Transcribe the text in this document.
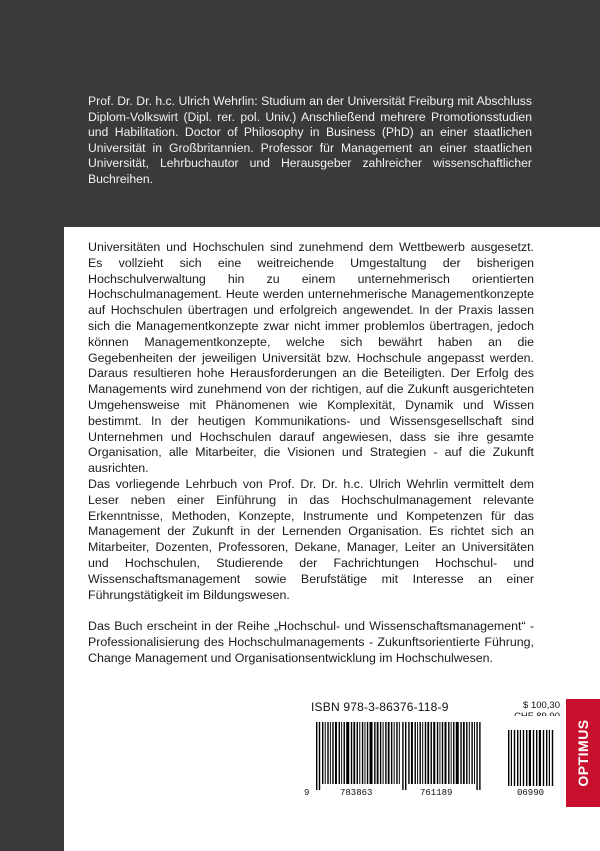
Prof. Dr. Dr. h.c. Ulrich Wehrlin: Studium an der Universität Freiburg mit Abschluss Diplom-Volkswirt (Dipl. rer. pol. Univ.) Anschließend mehrere Promotionsstudien und Habilitation. Doctor of Philosophy in Business (PhD) an einer staatlichen Universität in Großbritannien. Professor für Management an einer staatlichen Universität, Lehrbuchautor und Herausgeber zahlreicher wissenschaftlicher Buchreihen.

Universitäten und Hochschulen sind zunehmend dem Wettbewerb ausgesetzt. Es vollzieht sich eine weitreichende Umgestaltung der bisherigen Hochschulverwaltung hin zu einem unternehmerisch orientierten Hochschulmanagement. Heute werden unternehmerische Managementkonzepte auf Hochschulen übertragen und erfolgreich angewendet. In der Praxis lassen sich die Managementkonzepte zwar nicht immer problemlos übertragen, jedoch können Managementkonzepte, welche sich bewährt haben an die Gegebenheiten der jeweiligen Universität bzw. Hochschule angepasst werden. Daraus resultieren hohe Herausforderungen an die Beteiligten. Der Erfolg des Managements wird zunehmend von der richtigen, auf die Zukunft ausgerichteten Umgehensweise mit Phänomenen wie Komplexität, Dynamik und Wissen bestimmt. In der heutigen Kommunikations- und Wissensgesellschaft sind Unternehmen und Hochschulen darauf angewiesen, dass sie ihre gesamte Organisation, alle Mitarbeiter, die Visionen und Strategien - auf die Zukunft ausrichten.

Das vorliegende Lehrbuch von Prof. Dr. Dr. h.c. Ulrich Wehrlin vermittelt dem Leser neben einer Einführung in das Hochschulmanagement relevante Erkenntnisse, Methoden, Konzepte, Instrumente und Kompetenzen für das Management der Zukunft in der Lernenden Organisation. Es richtet sich an Mitarbeiter, Dozenten, Professoren, Dekane, Manager, Leiter an Universitäten und Hochschulen, Studierende der Fachrichtungen Hochschul- und Wissenschaftsmanagement sowie Berufstätige mit Interesse an einer Führungstätigkeit im Bildungswesen.

Das Buch erscheint in der Reihe „Hochschul- und Wissenschaftsmanagement“ - Professionalisierung des Hochschulmanagements - Zukunftsorientierte Führung, Change Management und Organisationsentwicklung im Hochschulwesen.

ISBN 978-3-86376-118-9	$ 100,30
9	783863	761189	06990
OPTIMUS
